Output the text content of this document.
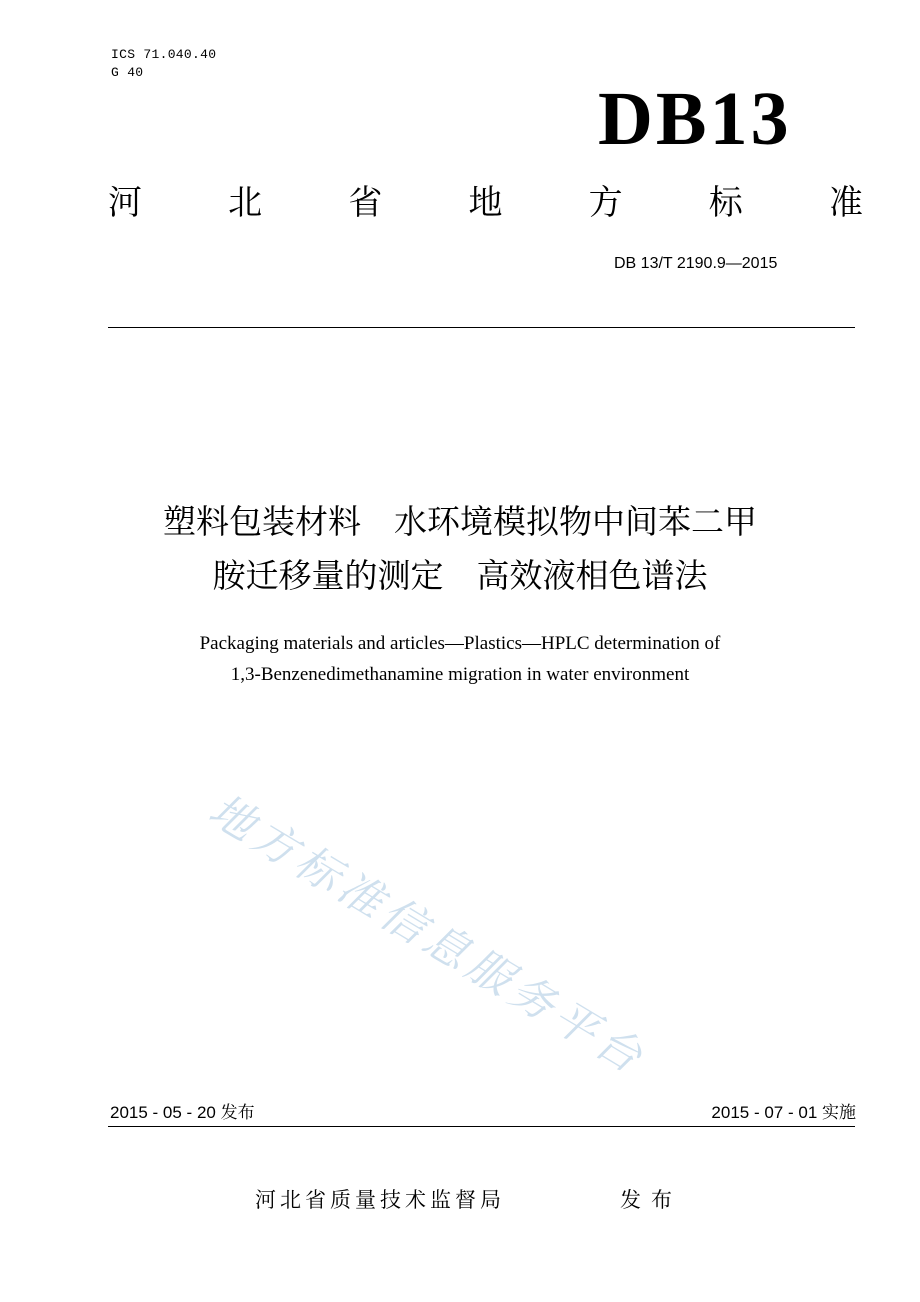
ICS 71.040.40
G 40
DB13
河	北	省	地	方	标	准
DB 13/T 2190.9—2015
塑料包装材料　水环境模拟物中间苯二甲
胺迁移量的测定　高效液相色谱法
Packaging materials and articles—Plastics—HPLC determination of
1,3-Benzenedimethanamine migration in water environment
地方标准信息服务平台
2015 - 05 - 20 发布	2015 - 07 - 01 实施
河北省质量技术监督局	发布
